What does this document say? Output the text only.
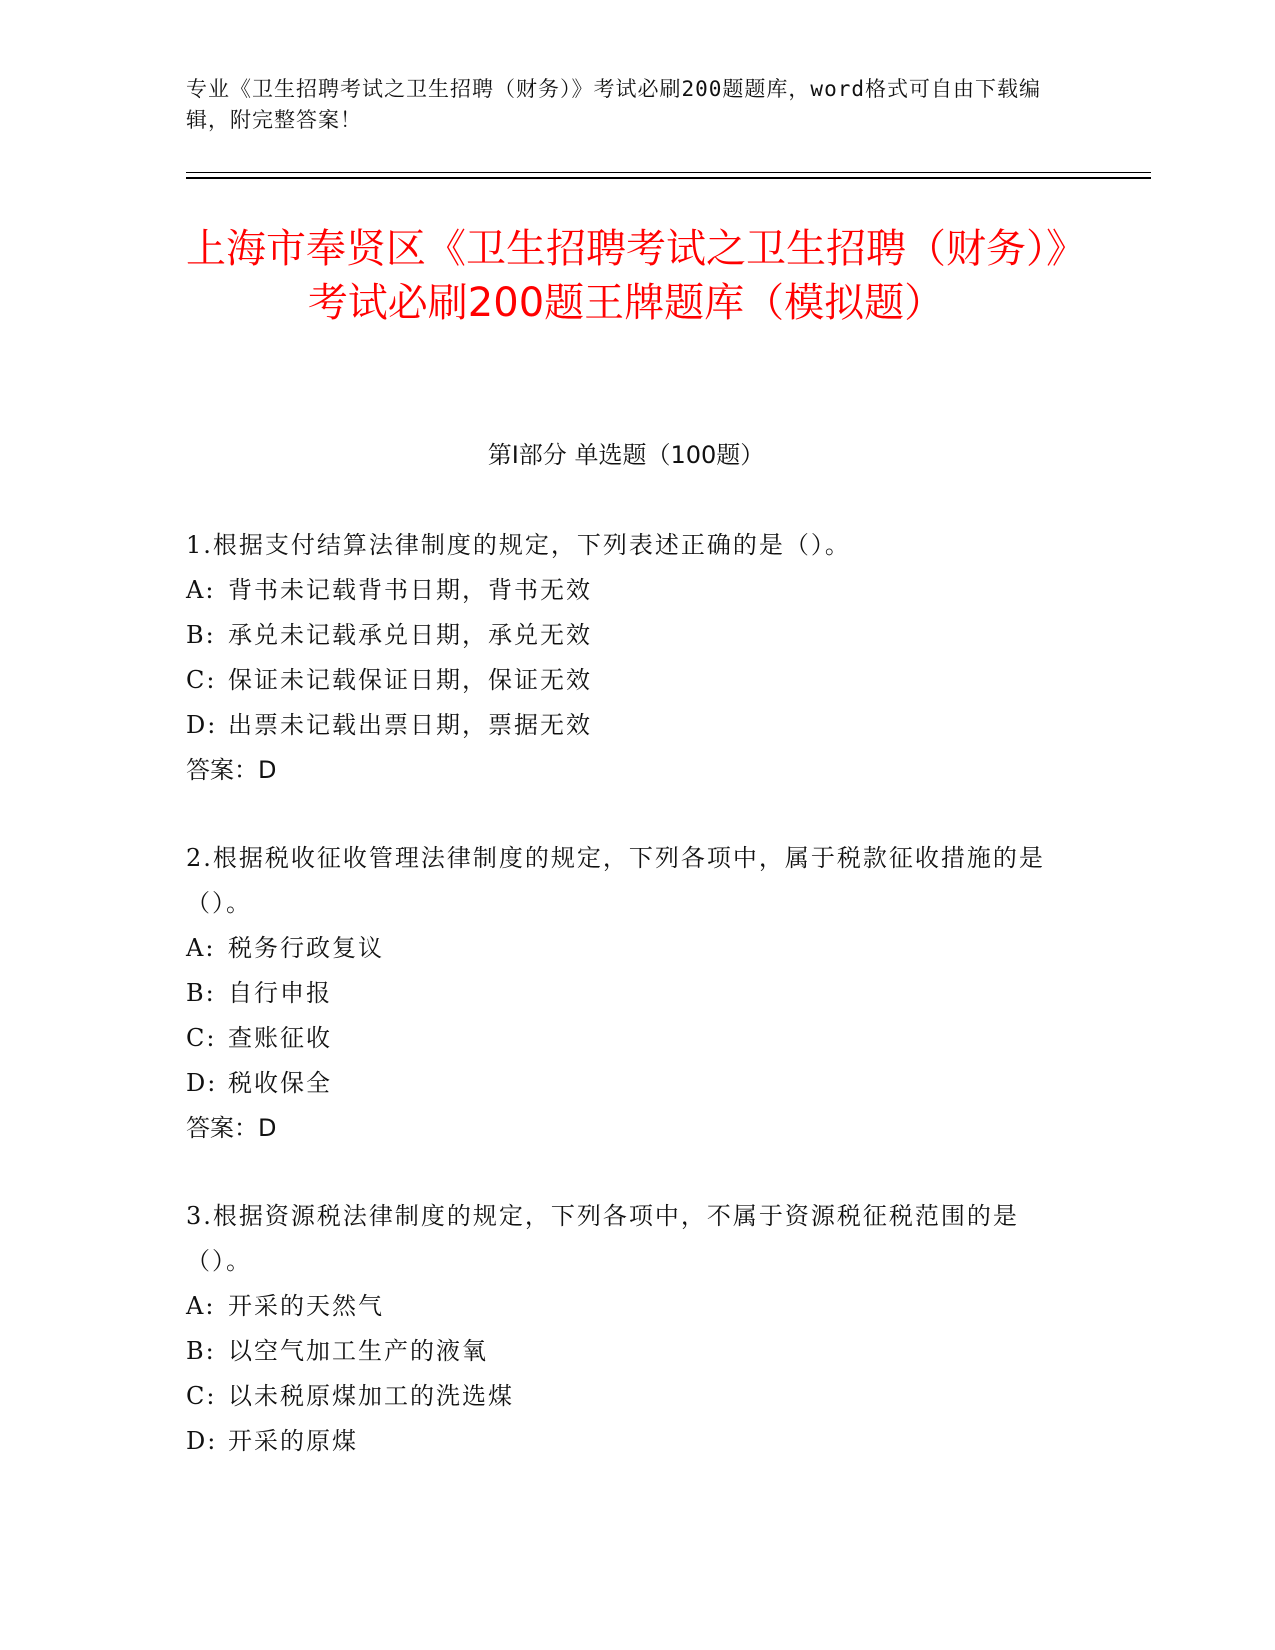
专业《卫生招聘考试之卫生招聘（财务）》考试必刷200题题库，word格式可自由下载编辑，附完整答案！
上海市奉贤区《卫生招聘考试之卫生招聘（财务）》考试必刷200题王牌题库（模拟题）
第I部分 单选题（100题）
1.根据支付结算法律制度的规定，下列表述正确的是（）。
A: 背书未记载背书日期，背书无效
B: 承兑未记载承兑日期，承兑无效
C: 保证未记载保证日期，保证无效
D: 出票未记载出票日期，票据无效
答案：D
2.根据税收征收管理法律制度的规定，下列各项中，属于税款征收措施的是（）。
A: 税务行政复议
B: 自行申报
C: 查账征收
D: 税收保全
答案：D
3.根据资源税法律制度的规定，下列各项中，不属于资源税征税范围的是（）。
A: 开采的天然气
B: 以空气加工生产的液氧
C: 以未税原煤加工的洗选煤
D: 开采的原煤
